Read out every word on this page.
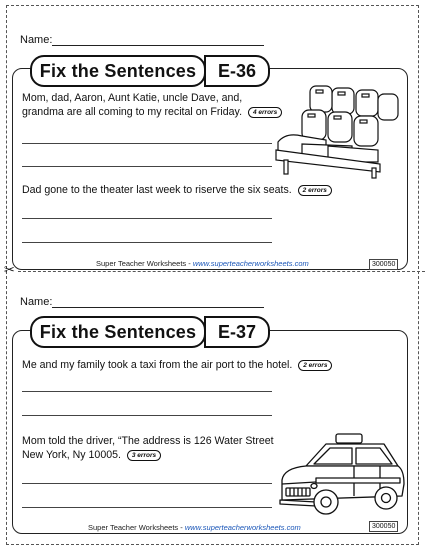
Name:
Fix the Sentences	E-36
Mom, dad, Aaron, Aunt Katie, uncle Dave, and,
grandma are all coming to my recital on Friday. 4 errors
Dad gone to the theater last week to riserve the six seats. 2 errors
Super Teacher Worksheets - www.superteacherworksheets.com	300050
✂
Name:
Fix the Sentences	E-37
Me and my family took a taxi from the air port to the hotel. 2 errors
Mom told the driver, “The address is 126 Water Street
New York, Ny 10005. 3 errors
Super Teacher Worksheets - www.superteacherworksheets.com	300050
